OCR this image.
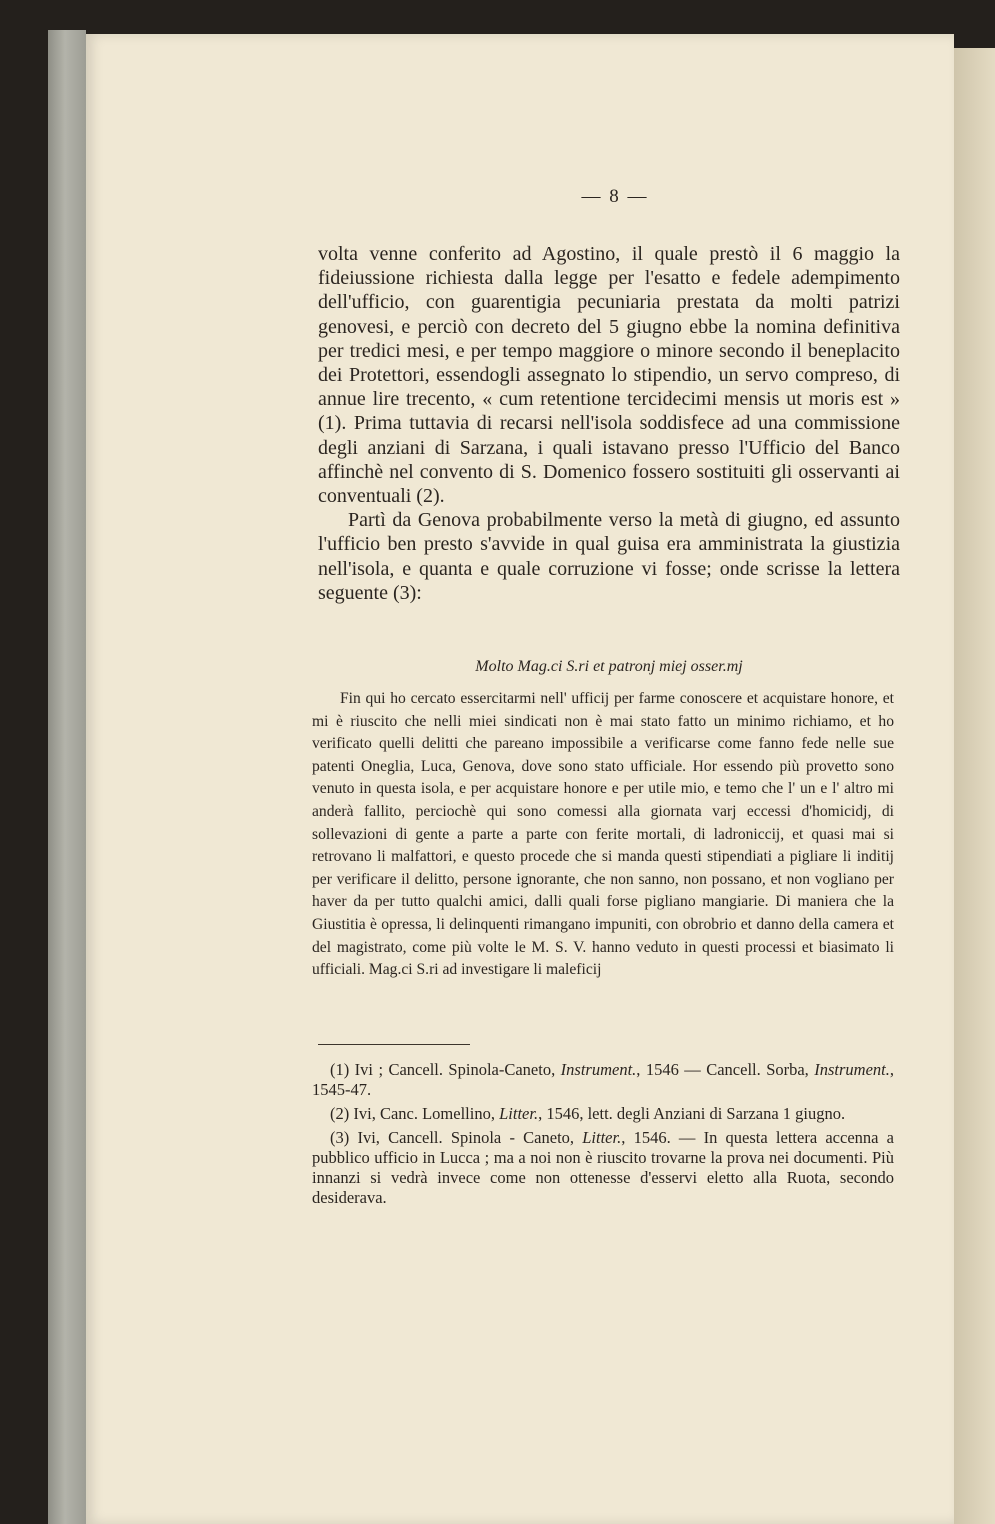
— 8 —

volta venne conferito ad Agostino, il quale prestò il 6 maggio la fideiussione richiesta dalla legge per l'esatto e fedele adempimento dell'ufficio, con guarentigia pecuniaria prestata da molti patrizi genovesi, e perciò con decreto del 5 giugno ebbe la nomina definitiva per tredici mesi, e per tempo maggiore o minore secondo il beneplacito dei Protettori, essendogli assegnato lo stipendio, un servo compreso, di annue lire trecento, « cum retentione tercidecimi mensis ut moris est » (1). Prima tuttavia di recarsi nell'isola soddisfece ad una commissione degli anziani di Sarzana, i quali istavano presso l'Ufficio del Banco affinchè nel convento di S. Domenico fossero sostituiti gli osservanti ai conventuali (2).

Partì da Genova probabilmente verso la metà di giugno, ed assunto l'ufficio ben presto s'avvide in qual guisa era amministrata la giustizia nell'isola, e quanta e quale corruzione vi fosse; onde scrisse la lettera seguente (3):

Molto Mag.ci S.ri et patronj miej osser.mj

Fin qui ho cercato essercitarmi nell' ufficij per farme conoscere et acquistare honore, et mi è riuscito che nelli miei sindicati non è mai stato fatto un minimo richiamo, et ho verificato quelli delitti che pareano impossibile a verificarse come fanno fede nelle sue patenti Oneglia, Luca, Genova, dove sono stato ufficiale. Hor essendo più provetto sono venuto in questa isola, e per acquistare honore e per utile mio, e temo che l' un e l' altro mi anderà fallito, perciochè qui sono comessi alla giornata varj eccessi d'homicidj, di sollevazioni di gente a parte a parte con ferite mortali, di ladroniccij, et quasi mai si retrovano li malfattori, e questo procede che si manda questi stipendiati a pigliare li inditij per verificare il delitto, persone ignorante, che non sanno, non possano, et non vogliano per haver da per tutto qualchi amici, dalli quali forse pigliano mangiarie. Di maniera che la Giustitia è opressa, li delinquenti rimangano impuniti, con obrobrio et danno della camera et del magistrato, come più volte le M. S. V. hanno veduto in questi processi et biasimato li ufficiali. Mag.ci S.ri ad investigare li maleficij

(1) Ivi ; Cancell. Spinola-Caneto, Instrument., 1546 — Cancell. Sorba, Instrument., 1545-47.

(2) Ivi, Canc. Lomellino, Litter., 1546, lett. degli Anziani di Sarzana 1 giugno.

(3) Ivi, Cancell. Spinola - Caneto, Litter., 1546. — In questa lettera accenna a pubblico ufficio in Lucca ; ma a noi non è riuscito trovarne la prova nei documenti. Più innanzi si vedrà invece come non ottenesse d'esservi eletto alla Ruota, secondo desiderava.
